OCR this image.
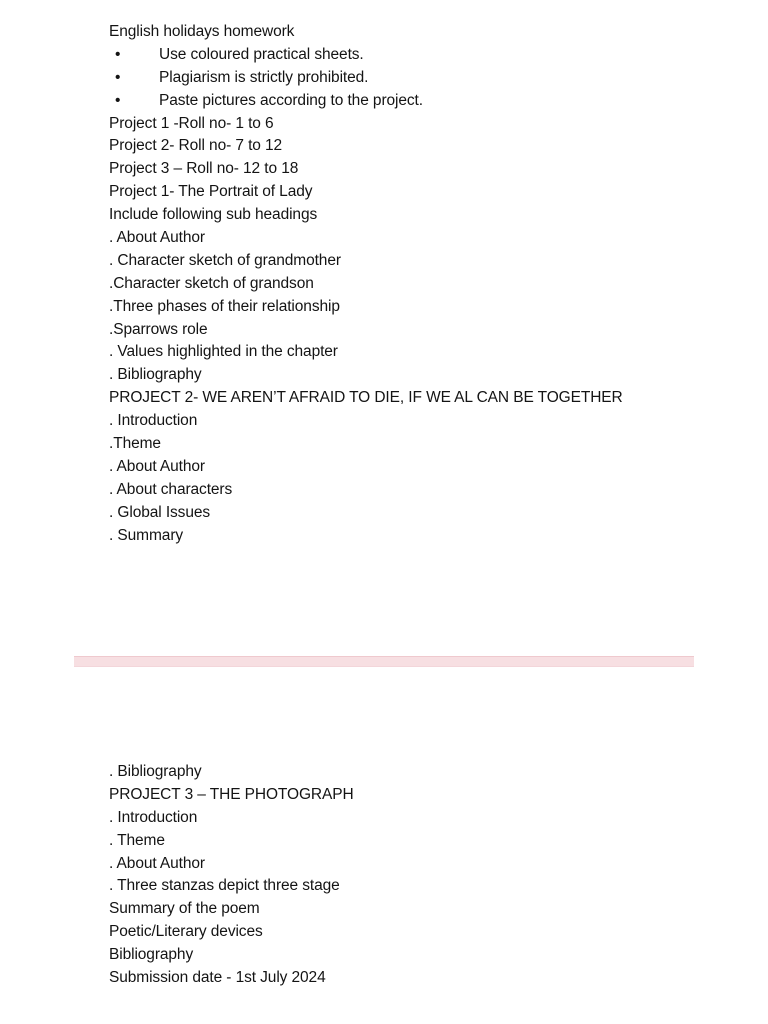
English holidays homework
•	Use coloured practical sheets.
•	Plagiarism is strictly prohibited.
•	Paste pictures according to the project.
Project 1 -Roll no- 1 to 6
Project 2- Roll no- 7 to 12
Project 3 – Roll no- 12 to 18
Project 1- The Portrait of Lady
Include following sub headings
. About Author
. Character sketch of grandmother
.Character sketch of grandson
.Three phases of their relationship
.Sparrows role
. Values highlighted in the chapter
. Bibliography
PROJECT 2- WE AREN’T AFRAID TO DIE, IF WE AL CAN BE TOGETHER
. Introduction
.Theme
. About Author
. About characters
. Global Issues
. Summary
. Bibliography
PROJECT 3 – THE PHOTOGRAPH
. Introduction
. Theme
. About Author
. Three stanzas depict three stage
Summary of the poem
Poetic/Literary devices
Bibliography
Submission date - 1st July 2024
